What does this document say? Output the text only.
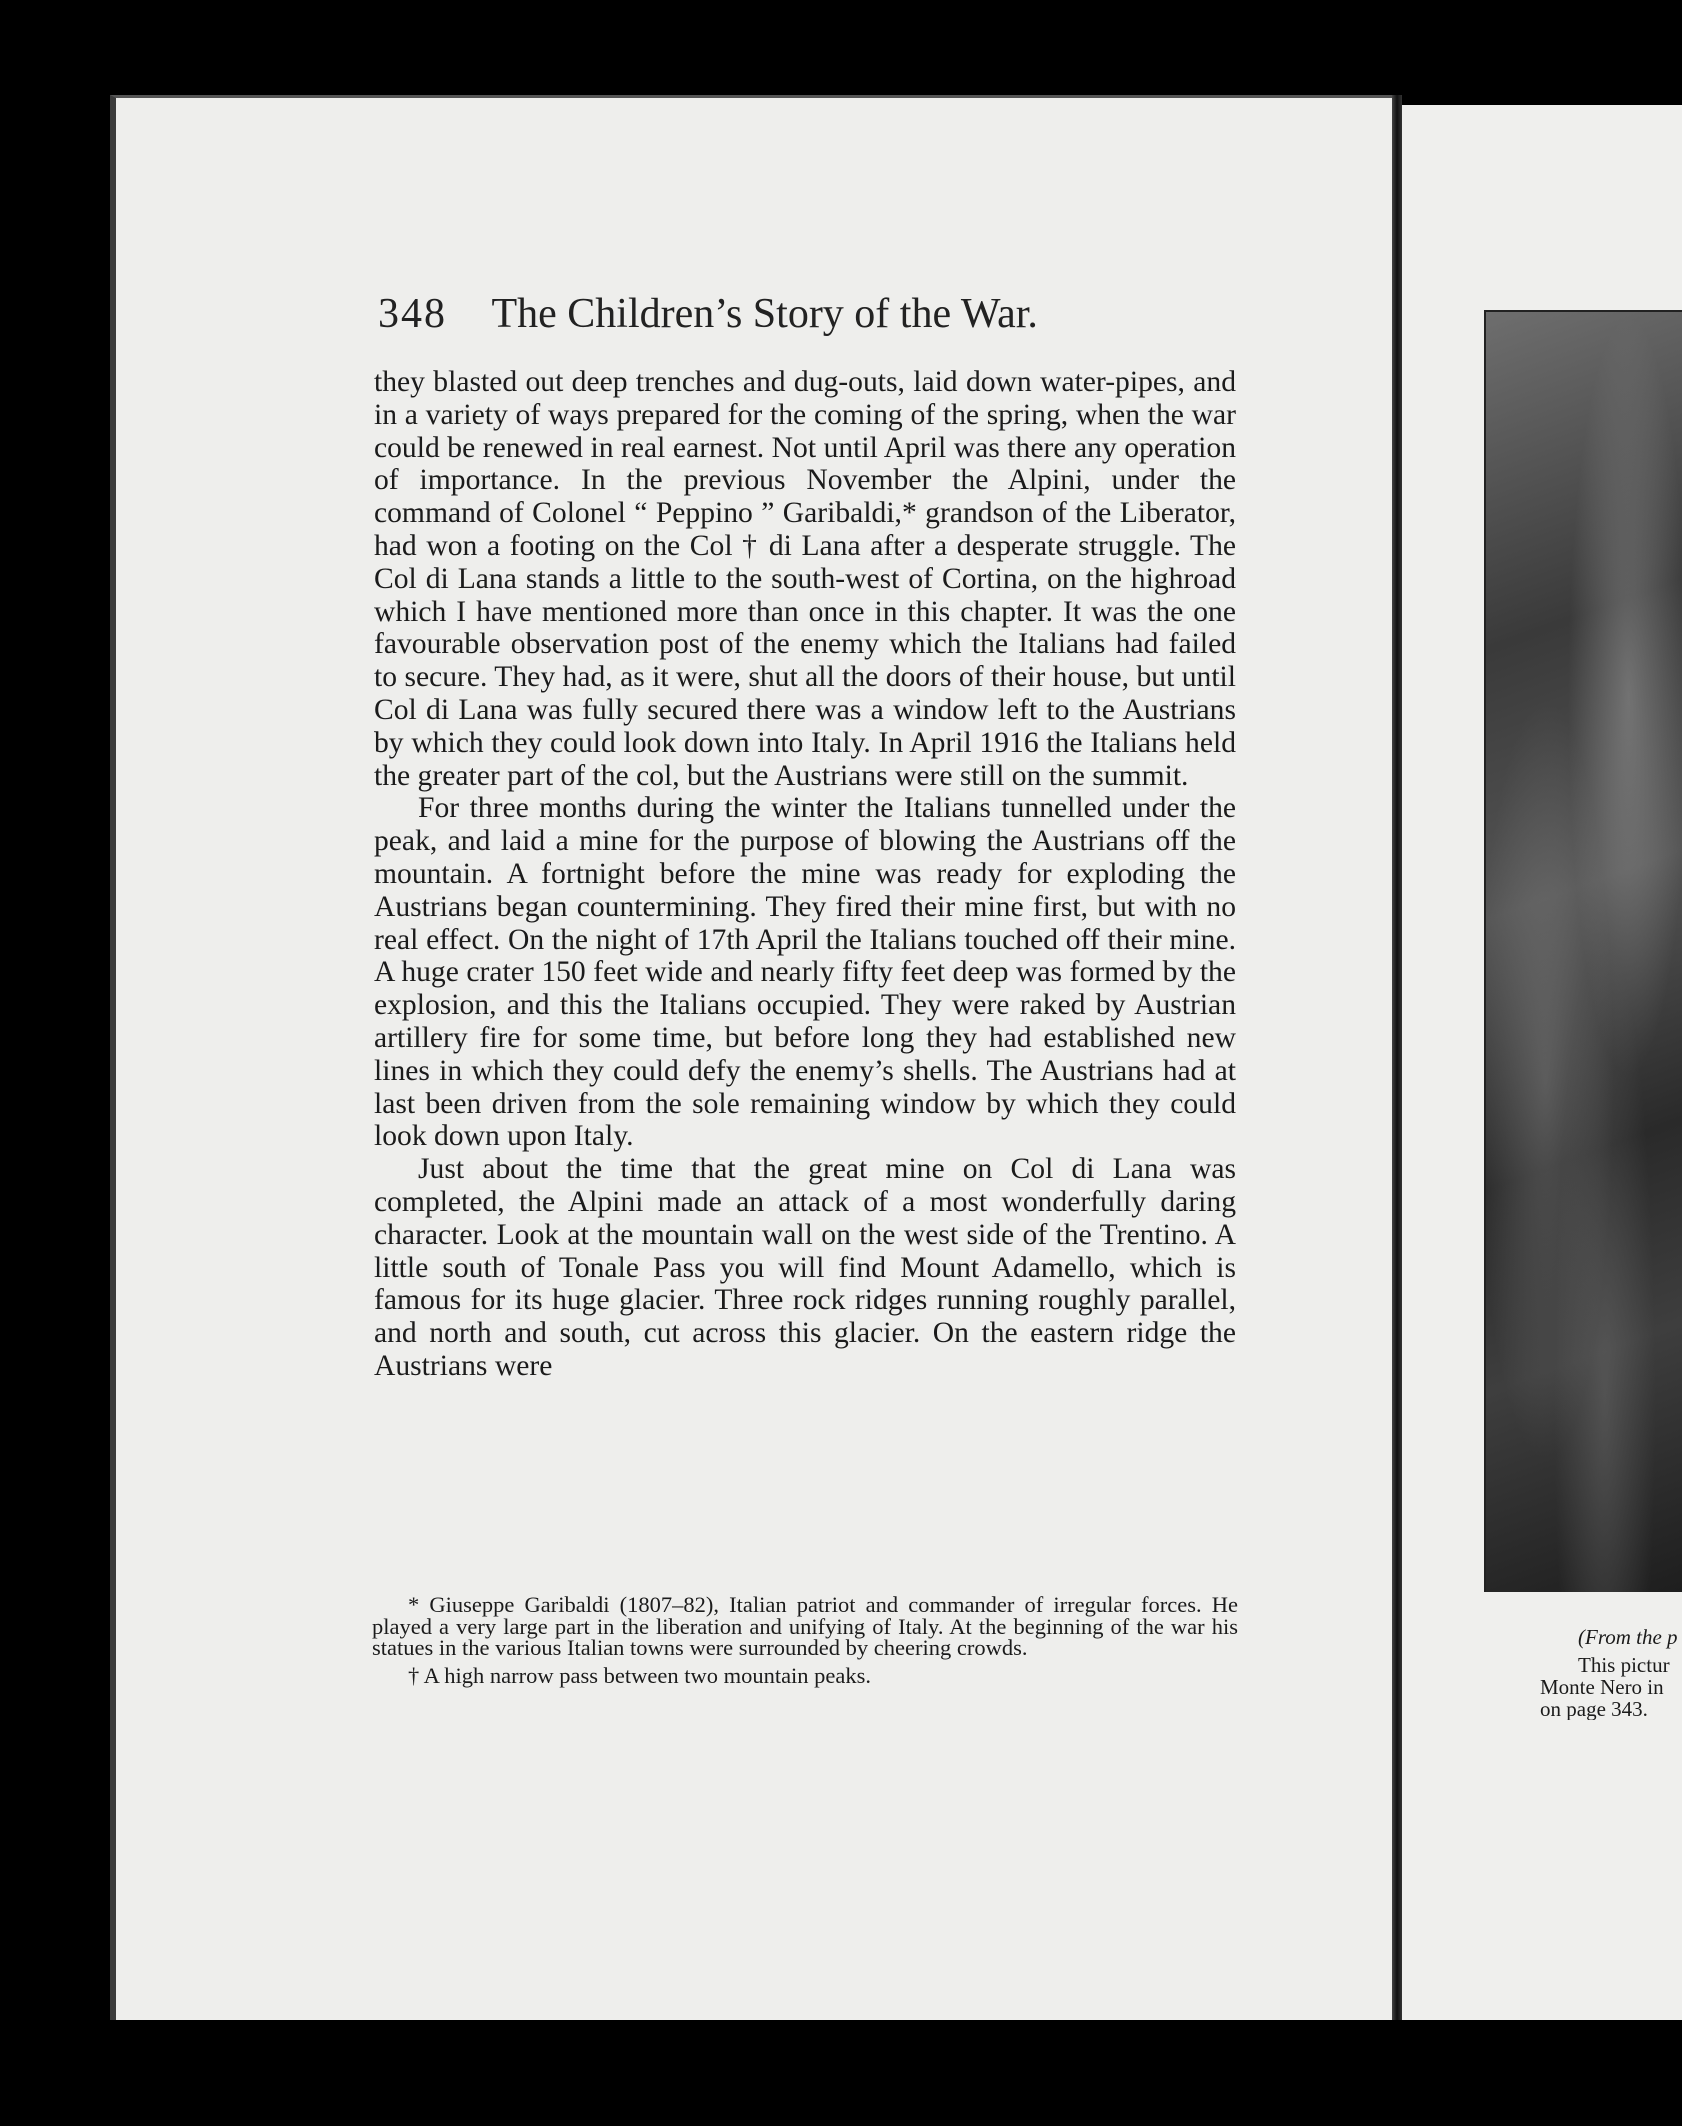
348 The Children’s Story of the War.

they blasted out deep trenches and dug-outs, laid down water-pipes, and in a variety of ways prepared for the coming of the spring, when the war could be renewed in real earnest. Not until April was there any operation of importance. In the previous November the Alpini, under the command of Colonel “ Peppino ” Garibaldi,* grandson of the Liberator, had won a footing on the Col † di Lana after a desperate struggle. The Col di Lana stands a little to the south-west of Cortina, on the highroad which I have mentioned more than once in this chapter. It was the one favourable observation post of the enemy which the Italians had failed to secure. They had, as it were, shut all the doors of their house, but until Col di Lana was fully secured there was a window left to the Austrians by which they could look down into Italy. In April 1916 the Italians held the greater part of the col, but the Austrians were still on the summit.

For three months during the winter the Italians tunnelled under the peak, and laid a mine for the purpose of blowing the Austrians off the mountain. A fortnight before the mine was ready for exploding the Austrians began countermining. They fired their mine first, but with no real effect. On the night of 17th April the Italians touched off their mine. A huge crater 150 feet wide and nearly fifty feet deep was formed by the explosion, and this the Italians occupied. They were raked by Austrian artillery fire for some time, but before long they had established new lines in which they could defy the enemy’s shells. The Austrians had at last been driven from the sole remaining window by which they could look down upon Italy.

Just about the time that the great mine on Col di Lana was completed, the Alpini made an attack of a most wonderfully daring character. Look at the mountain wall on the west side of the Trentino. A little south of Tonale Pass you will find Mount Adamello, which is famous for its huge glacier. Three rock ridges running roughly parallel, and north and south, cut across this glacier. On the eastern ridge the Austrians were

* Giuseppe Garibaldi (1807–82), Italian patriot and commander of irregular forces. He played a very large part in the liberation and unifying of Italy. At the beginning of the war his statues in the various Italian towns were surrounded by cheering crowds.

† A high narrow pass between two mountain peaks.

(From the p
This pictur
Monte Nero in
on page 343.
